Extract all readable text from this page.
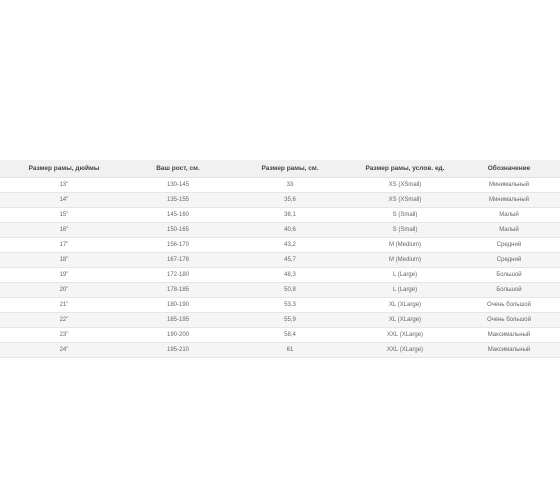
Размер рамы, дюймы	Ваш рост, см.	Размер рамы, см.	Размер рамы, услов. ед.	Обозначение
13"	130-145	33	XS (XSmall)	Минимальный
14"	135-155	35,6	XS (XSmall)	Минимальный
15"	145-160	38,1	S (Small)	Малый
16"	150-165	40,6	S (Small)	Малый
17"	156-170	43,2	M (Medium)	Средний
18"	167-178	45,7	M (Medium)	Средний
19"	172-180	48,3	L (Large)	Большой
20"	178-185	50,8	L (Large)	Большой
21"	180-190	53,3	XL (XLarge)	Очень большой
22"	185-195	55,9	XL (XLarge)	Очень большой
23"	190-200	58,4	XXL (XLarge)	Максимальный
24"	195-210	61	XXL (XLarge)	Максимальный
